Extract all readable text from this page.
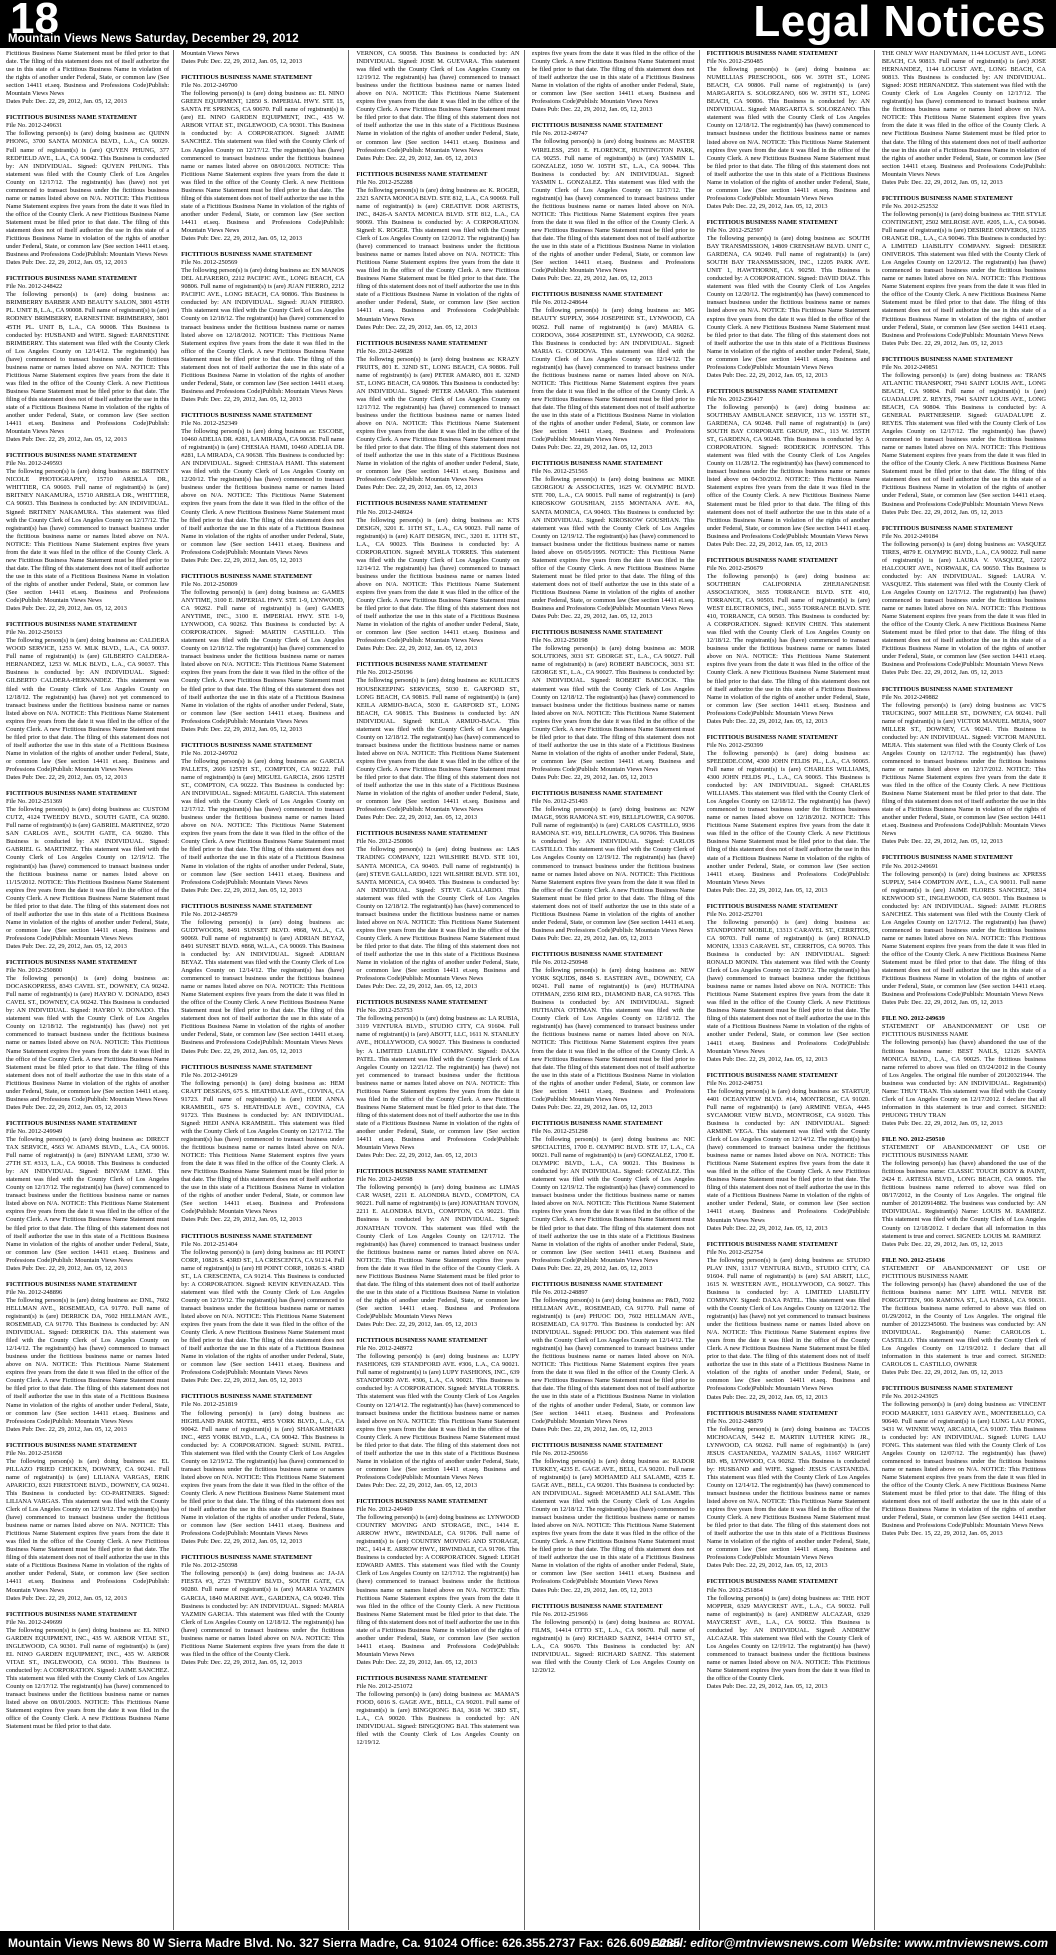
18
Mountain Views News Saturday, December 29, 2012	Legal Notices
Fictitious Business Name Statement must be filed prior to that date. The filing of this statement does not of itself authorize the use in this state of a Fictitious Business Name in violation of the rights of another under Federal, State, or common law (See section 14411 et.seq. Business and Professions Code)Publish: Mountain Views News
Dates Pub: Dec. 22, 29, 2012, Jan. 05, 12, 2013
FICTITIOUS BUSINESS NAME STATEMENT
File No. 2012-249631
The following person(s) is (are) doing business as: QUINN PHONG, 3700 SANTA MONICA BLVD., L.A., CA 90029. Full name of registrant(s) is (are) QUYEN PHUNG, 377 REDFIELD AVE., L.A., CA 90042. This Business is conducted by: AN INDIVIDUAL. Signed: QUYEN PHUNG. This statement was filed with the County Clerk of Los Angeles County on 12/17/12. The registrant(s) has (have) not yet commenced to transact business under the fictitious business name or names listed above on N/A. NOTICE: This Fictitious Name Statement expires five years from the date it was filed in the office of the County Clerk. A new Fictitious Business Name Statement must be filed prior to that date. The filing of this statement does not of itself authorize the use in this state of a Fictitious Business Name in violation of the rights of another under Federal, State, or common law (See section 14411 et.seq. Business and Professions Code)Publish: Mountain Views News
Dates Pub: Dec. 22, 29, 2012, Jan. 05, 12, 2013
FICTITIOUS BUSINESS NAME STATEMENT
File No. 2012-248422
The following person(s) is (are) doing business as: BRIMBERRY BARBER AND BEAUTY SALON, 3801 45TH PL. UNIT B, L.A., CA 90008. Full name of registrant(s) is (are) RODNEY BRIMBERRY, EARNESTINE BRIMBERRY, 3801 45TH PL. UNIT B, L.A., CA 90008. This Business is conducted by: HUSBAND and WIFE. Signed: EARNESTINE BRIMBERRY. This statement was filed with the County Clerk of Los Angeles County on 12/14/12. The registrant(s) has (have) commenced to transact business under the fictitious business name or names listed above on N/A. NOTICE: This Fictitious Name Statement expires five years from the date it was filed in the office of the County Clerk. A new Fictitious Business Name Statement must be filed prior to that date. The filing of this statement does not of itself authorize the use in this state of a Fictitious Business Name in violation of the rights of another under Federal, State, or common law (See section 14411 et.seq. Business and Professions Code)Publish: Mountain Views News
Dates Pub: Dec. 22, 29, 2012, Jan. 05, 12, 2013
FICTITIOUS BUSINESS NAME STATEMENT
File No. 2012-249593
The following person(s) is (are) doing business as: BRITNEY NICOLE PHOTOGRAPHY, 15710 ARBELA DR., WHITTIER, CA 90603. Full name of registrant(s) is (are) BRITNEY NAKAMURA, 15710 ARBELA DR., WHITTIER, CA 90603. This Business is conducted by: AN INDIVIDUAL. Signed: BRITNEY NAKAMURA. This statement was filed with the County Clerk of Los Angeles County on 12/17/12. The registrant(s) has (have) commenced to transact business under the fictitious business name or names listed above on N/A. NOTICE: This Fictitious Name Statement expires five years from the date it was filed in the office of the County Clerk. A new Fictitious Business Name Statement must be filed prior to that date. The filing of this statement does not of itself authorize the use in this state of a Fictitious Business Name in violation of the rights of another under Federal, State, or common law (See section 14411 et.seq. Business and Professions Code)Publish: Mountain Views News
Dates Pub: Dec. 22, 29, 2012, Jan. 05, 12, 2013
FICTITIOUS BUSINESS NAME STATEMENT
File No. 2012-250153
The following person(s) is (are) doing business as: CALDERA WOOD SERVICE, 1253 W. MLK BLVD., L.A., CA 90037. Full name of registrant(s) is (are) GILBERTO CALDERA-HERNANDEZ, 1253 W. MLK BLVD., L.A., CA 90037. This Business is conducted by: AN INDIVIDUAL. Signed: GILBERTO CALDERA-HERNANDEZ. This statement was filed with the County Clerk of Los Angeles County on 12/18/12. The registrant(s) has (have) not yet commenced to transact business under the fictitious business name or names listed above on N/A. NOTICE: This Fictitious Name Statement expires five years from the date it was filed in the office of the County Clerk. A new Fictitious Business Name Statement must be filed prior to that date. The filing of this statement does not of itself authorize the use in this state of a Fictitious Business Name in violation of the rights of another under Federal, State, or common law (See section 14411 et.seq. Business and Professions Code)Publish: Mountain Views News
Dates Pub: Dec. 22, 29, 2012, Jan. 05, 12, 2013
FICTITIOUS BUSINESS NAME STATEMENT
File No. 2012-251369
The following person(s) is (are) doing business as: CUSTOM CUTZ, 4124 TWEEDY BLVD., SOUTH GATE, CA 90280. Full name of registrant(s) is (are) GABRIEL MARTINEZ, 9720 SAN CARLOS AVE., SOUTH GATE, CA 90280. This Business is conducted by: AN INDIVIDUAL. Signed: GABRIEL G. MARTINEZ. This statement was filed with the County Clerk of Los Angeles County on 12/19/12. The registrant(s) has (have) commenced to transact business under the fictitious business name or names listed above on 11/15/2012. NOTICE: This Fictitious Business Name Statement expires five years from the date it was filed in the office of the County Clerk. A new Fictitious Business Name Statement must be filed prior to that date. The filing of this statement does not of itself authorize the use in this state of a Fictitious Business Name in violation of the rights of another under Federal, State, or common law (See section 14411 et.seq. Business and Professions Code)Publish: Mountain Views News
Dates Pub: Dec. 22, 29, 2012, Jan. 05, 12, 2013
FICTITIOUS BUSINESS NAME STATEMENT
File No. 2012-250800
The following person(s) is (are) doing business as: DOCASKOPRESS, 8343 CAVEL ST., DOWNEY, CA 90242. Full name of registrant(s) is (are) HAYRO V. DONADO, 8343 CAVEL ST., DOWNEY, CA 90242. This Business is conducted by: AN INDIVIDUAL. Signed: HAYRO V. DONADO. This statement was filed with the County Clerk of Los Angeles County on 12/18/12. The registrant(s) has (have) not yet commenced to transact business under the fictitious business name or names listed above on N/A. NOTICE: This Fictitious Name Statement expires five years from the date it was filed in the office of the County Clerk. A new Fictitious Business Name Statement must be filed prior to that date. The filing of this statement does not of itself authorize the use in this state of a Fictitious Business Name in violation of the rights of another under Federal, State, or common law (See section 14411 et.seq. Business and Professions Code)Publish: Mountain Views News
Dates Pub: Dec. 22, 29, 2012, Jan. 05, 12, 2013
FICTITIOUS BUSINESS NAME STATEMENT
File No. 2012-249949
The following person(s) is (are) doing business as: DIRECT TAX SERVICE, 4563 W. ADAMS BLVD., L.A., CA 90016. Full name of registrant(s) is (are) BINYAM LEMI, 3730 W. 27TH ST. #313, L.A., CA 90018. This Business is conducted by: AN INDIVIDUAL. Signed: BINYAM LEMI. This statement was filed with the County Clerk of Los Angeles County on 12/17/12. The registrant(s) has (have) commenced to transact business under the fictitious business name or names listed above on N/A. NOTICE: This Fictitious Name Statement expires five years from the date it was filed in the office of the County Clerk. A new Fictitious Business Name Statement must be filed prior to that date. The filing of this statement does not of itself authorize the use in this state of a Fictitious Business Name in violation of the rights of another under Federal, State, or common law (See section 14411 et.seq. Business and Professions Code)Publish: Mountain Views News
Dates Pub: Dec. 22, 29, 2012, Jan. 05, 12, 2013
FICTITIOUS BUSINESS NAME STATEMENT
File No. 2012-248896
The following person(s) is (are) doing business as: DNL, 7602 HELLMAN AVE., ROSEMEAD, CA 91770. Full name of registrant(s) is (are) DERRICK DA, 7602 HELLMAN AVE., ROSEMEAD, CA 91770. This Business is conducted by: AN INDIVIDUAL. Signed: DERRICK DA. This statement was filed with the County Clerk of Los Angeles County on 12/14/12. The registrant(s) has (have) commenced to transact business under the fictitious business name or names listed above on N/A. NOTICE: This Fictitious Name Statement expires five years from the date it was filed in the office of the County Clerk. A new Fictitious Business Name Statement must be filed prior to that date. The filing of this statement does not of itself authorize the use in this state of a Fictitious Business Name in violation of the rights of another under Federal, State, or common law (See section 14411 et.seq. Business and Professions Code)Publish: Mountain Views News
Dates Pub: Dec. 22, 29, 2012, Jan. 05, 12, 2013
FICTITIOUS BUSINESS NAME STATEMENT
File No. 2012-251658
The following person(s) is (are) doing business as: EL PILLAZO FRIED CHICKEN, DOWNEY, CA 90241. Full name of registrant(s) is (are) LILIANA VARGAS, ERIK APARICIO, 8321 FIRESTONE BLVD., DOWNEY, CA 90241. This Business is conducted by: CO-PARTNERS. Signed: LILIANA VARGAS. This statement was filed with the County Clerk of Los Angeles County on 12/19/12. The registrant(s) has (have) commenced to transact business under the fictitious business name or names listed above on N/A. NOTICE: This Fictitious Name Statement expires five years from the date it was filed in the office of the County Clerk. A new Fictitious Business Name Statement must be filed prior to that date. The filing of this statement does not of itself authorize the use in this state of a Fictitious Business Name in violation of the rights of another under Federal, State, or common law (See section 14411 et.seq. Business and Professions Code)Publish: Mountain Views News
Dates Pub: Dec. 22, 29, 2012, Jan. 05, 12, 2013
FICTITIOUS BUSINESS NAME STATEMENT
File No. 2012-249699
The following person(s) is (are) doing business as: EL NINO GARDEN EQUIPMENT, INC., 435 W. ARBOR VITAE ST., INGLEWOOD, CA 90301. Full name of registrant(s) is (are) EL NINO GARDEN EQUIPMENT, INC., 435 W. ARBOR VITAE ST., INGLEWOOD, CA 90301. This Business is conducted by: A CORPORATION. Signed: JAIME SANCHEZ. This statement was filed with the County Clerk of Los Angeles County on 12/17/12. The registrant(s) has (have) commenced to transact business under the fictitious business name or names listed above on 08/01/2003. NOTICE: This Fictitious Name Statement expires five years from the date it was filed in the office of the County Clerk. A new Fictitious Business Name Statement must be filed prior to that date.
Mountain Views News
Dates Pub: Dec. 22, 29, 2012, Jan. 05, 12, 2013
FICTITIOUS BUSINESS NAME STATEMENT
File No. 2012-249700
The following person(s) is (are) doing business as: EL NINO GREEN EQUIPMENT, 12850 S. IMPERIAL HWY. STE 15, SANTA FE SPRINGS, CA 90670. Full name of registrant(s) is (are) EL NINO GARDEN EQUIPMENT, INC., 435 W. ARBOR VITAE ST., INGLEWOOD, CA 90301. This Business is conducted by: A CORPORATION. Signed: JAIME SANCHEZ. This statement was filed with the County Clerk of Los Angeles County on 12/17/12. The registrant(s) has (have) commenced to transact business under the fictitious business name or names listed above on 08/01/2003. NOTICE: This Fictitious Name Statement expires five years from the date it was filed in the office of the County Clerk. A new Fictitious Business Name Statement must be filed prior to that date. The filing of this statement does not of itself authorize the use in this state of a Fictitious Business Name in violation of the rights of another under Federal, State, or common law (See section 14411 et.seq. Business and Professions Code)Publish: Mountain Views News
Dates Pub: Dec. 22, 29, 2012, Jan. 05, 12, 2013
FICTITIOUS BUSINESS NAME STATEMENT
File No. 2012-250569
The following person(s) is (are) doing business as: EN MANOS DEL ALFARERO, 2212 PACIFIC AVE., LONG BEACH, CA 90806. Full name of registrant(s) is (are) JUAN FIERRO, 2212 PACIFIC AVE., LONG BEACH, CA 90806. This Business is conducted by: AN INDIVIDUAL. Signed: JUAN FIERRO. This statement was filed with the County Clerk of Los Angeles County on 12/18/12. The registrant(s) has (have) commenced to transact business under the fictitious business name or names listed above on 12/18/2012. NOTICE: This Fictitious Name Statement expires five years from the date it was filed in the office of the County Clerk. A new Fictitious Business Name Statement must be filed prior to that date. The filing of this statement does not of itself authorize the use in this state of a Fictitious Business Name in violation of the rights of another under Federal, State, or common law (See section 14411 et.seq. Business and Professions Code)Publish: Mountain Views News
Dates Pub: Dec. 22, 29, 2012, Jan. 05, 12, 2013
FICTITIOUS BUSINESS NAME STATEMENT
File No. 2012-252349
The following person(s) is (are) doing business as: ESCOBE, 10460 ADELIA DR. #281, LA MIRADA, CA 90638. Full name of registrant(s) is (are) CHESIAA HAMI, 10460 ADELIA DR. #281, LA MIRADA, CA 90638. This Business is conducted by: AN INDIVIDUAL. Signed: CHESIAA HAMI. This statement was filed with the County Clerk of Los Angeles County on 12/20/12. The registrant(s) has (have) commenced to transact business under the fictitious business name or names listed above on N/A. NOTICE: This Fictitious Name Statement expires five years from the date it was filed in the office of the County Clerk. A new Fictitious Business Name Statement must be filed prior to that date. The filing of this statement does not of itself authorize the use in this state of a Fictitious Business Name in violation of the rights of another under Federal, State, or common law (See section 14411 et.seq. Business and Professions Code)Publish: Mountain Views News
Dates Pub: Dec. 22, 29, 2012, Jan. 05, 12, 2013
FICTITIOUS BUSINESS NAME STATEMENT
File No. 2012-250809
The following person(s) is (are) doing business as: GAMES ANYTIME, 3100 E. IMPERIAL HWY. STE 1-9, LYNWOOD, CA 90262. Full name of registrant(s) is (are) GAMES ANYTIME, INC., 3100 E. IMPERIAL HWY. STE 1-9, LYNWOOD, CA 90262. This Business is conducted by: A CORPORATION. Signed: MARTIN CASTILLO. This statement was filed with the County Clerk of Los Angeles County on 12/18/12. The registrant(s) has (have) commenced to transact business under the fictitious business name or names listed above on N/A. NOTICE: This Fictitious Name Statement expires five years from the date it was filed in the office of the County Clerk. A new Fictitious Business Name Statement must be filed prior to that date. The filing of this statement does not of itself authorize the use in this state of a Fictitious Business Name in violation of the rights of another under Federal, State, or common law (See section 14411 et.seq. Business and Professions Code)Publish: Mountain Views News
Dates Pub: Dec. 22, 29, 2012, Jan. 05, 12, 2013
FICTITIOUS BUSINESS NAME STATEMENT
File No. 2012-249702
The following person(s) is (are) doing business as: GARCIA PALLETS, 2606 125TH ST., COMPTON, CA 90222. Full name of registrant(s) is (are) MIGUEL GARCIA, 2606 125TH ST., COMPTON, CA 90222. This Business is conducted by: AN INDIVIDUAL. Signed: MIGUEL GARCIA. This statement was filed with the County Clerk of Los Angeles County on 12/17/12. The registrant(s) has (have) commenced to transact business under the fictitious business name or names listed above on N/A. NOTICE: This Fictitious Name Statement expires five years from the date it was filed in the office of the County Clerk. A new Fictitious Business Name Statement must be filed prior to that date. The filing of this statement does not of itself authorize the use in this state of a Fictitious Business Name in violation of the rights of another under Federal, State, or common law (See section 14411 et.seq. Business and Professions Code)Publish: Mountain Views News
Dates Pub: Dec. 22, 29, 2012, Jan. 05, 12, 2013
FICTITIOUS BUSINESS NAME STATEMENT
File No. 2012-248579
The following person(s) is (are) doing business as: GUDTWOODS, 8491 SUNSET BLVD. #868, W.L.A., CA 90069. Full name of registrant(s) is (are) ADRIAN BEYAZ, 8491 SUNSET BLVD. #868, W.L.A., CA 90069. This Business is conducted by: AN INDIVIDUAL. Signed: ADRIAN BEYAZ. This statement was filed with the County Clerk of Los Angeles County on 12/14/12. The registrant(s) has (have) commenced to transact business under the fictitious business name or names listed above on N/A. NOTICE: This Fictitious Name Statement expires five years from the date it was filed in the office of the County Clerk. A new Fictitious Business Name Statement must be filed prior to that date. The filing of this statement does not of itself authorize the use in this state of a Fictitious Business Name in violation of the rights of another under Federal, State, or common law (See section 14411 et.seq. Business and Professions Code)Publish: Mountain Views News
Dates Pub: Dec. 22, 29, 2012, Jan. 05, 12, 2013
FICTITIOUS BUSINESS NAME STATEMENT
File No. 2012-249129
The following person(s) is (are) doing business as: HEM CRAFT DESIGNS, 675 S. HEATHDALE AVE., COVINA, CA 91723. Full name of registrant(s) is (are) HEDI ANNA KRAMBEIL, 675 S. HEATHDALE AVE., COVINA, CA 91723. This Business is conducted by: AN INDIVIDUAL. Signed: HEDI ANNA KRAMBEIL. This statement was filed with the County Clerk of Los Angeles County on 12/17/12. The registrant(s) has (have) commenced to transact business under the fictitious business name or names listed above on N/A. NOTICE: This Fictitious Name Statement expires five years from the date it was filed in the office of the County Clerk. A new Fictitious Business Name Statement must be filed prior to that date. The filing of this statement does not of itself authorize the use in this state of a Fictitious Business Name in violation of the rights of another under Federal, State, or common law (See section 14411 et.seq. Business and Professions Code)Publish: Mountain Views News
Dates Pub: Dec. 22, 29, 2012, Jan. 05, 12, 2013
FICTITIOUS BUSINESS NAME STATEMENT
File No. 2012-251404
The following person(s) is (are) doing business as: HI POINT CORP., 10826 S. 43RD ST., LA CRESCENTA, CA 91214. Full name of registrant(s) is (are) HI POINT CORP., 10826 S. 43RD ST., LA CRESCENTA, CA 91214. This Business is conducted by: A CORPORATION. Signed: KEVIN KEVENAZAD. This statement was filed with the County Clerk of Los Angeles County on 12/19/12. The registrant(s) has (have) commenced to transact business under the fictitious business name or names listed above on N/A. NOTICE: This Fictitious Name Statement expires five years from the date it was filed in the office of the County Clerk. A new Fictitious Business Name Statement must be filed prior to that date. The filing of this statement does not of itself authorize the use in this state of a Fictitious Business Name in violation of the rights of another under Federal, State, or common law (See section 14411 et.seq. Business and Professions Code)Publish: Mountain Views News
Dates Pub: Dec. 22, 29, 2012, Jan. 05, 12, 2013
FICTITIOUS BUSINESS NAME STATEMENT
File No. 2012-251819
The following person(s) is (are) doing business as: HIGHLAND PARK MOTEL, 4855 YORK BLVD., L.A., CA 90042. Full name of registrant(s) is (are) SHAKAMBHARI INC., 4855 YORK BLVD., L.A., CA 90042. This Business is conducted by: A CORPORATION. Signed: SUNIL PATEL. This statement was filed with the County Clerk of Los Angeles County on 12/19/12. The registrant(s) has (have) commenced to transact business under the fictitious business name or names listed above on N/A. NOTICE: This Fictitious Name Statement expires five years from the date it was filed in the office of the County Clerk. A new Fictitious Business Name Statement must be filed prior to that date. The filing of this statement does not of itself authorize the use in this state of a Fictitious Business Name in violation of the rights of another under Federal, State, or common law (See section 14411 et.seq. Business and Professions Code)Publish: Mountain Views News
Dates Pub: Dec. 22, 29, 2012, Jan. 05, 12, 2013
FICTITIOUS BUSINESS NAME STATEMENT
File No. 2012-250398
The following person(s) is (are) doing business as: JA-JA FIESTA #3, 2723 TWEEDY BLVD., SOUTH GATE, CA 90280. Full name of registrant(s) is (are) MARIA YAZMIN GARCIA, 1840 MARINE AVE., GARDENA, CA 90249. This Business is conducted by: AN INDIVIDUAL. Signed: MARIA YAZMIN GARCIA. This statement was filed with the County Clerk of Los Angeles County on 12/18/12. The registrant(s) has (have) commenced to transact business under the fictitious business name or names listed above on N/A. NOTICE: This Fictitious Name Statement expires five years from the date it was filed in the office of the County Clerk.
Dates Pub: Dec. 22, 29, 2012, Jan. 05, 12, 2013
VERNON, CA 90058. This Business is conducted by: AN INDIVIDUAL. Signed: JOSE M. GUEVARA. This statement was filed with the County Clerk of Los Angeles County on 12/19/12. The registrant(s) has (have) commenced to transact business under the fictitious business name or names listed above on N/A. NOTICE: This Fictitious Name Statement expires five years from the date it was filed in the office of the County Clerk. A new Fictitious Business Name Statement must be filed prior to that date. The filing of this statement does not of itself authorize the use in this state of a Fictitious Business Name in violation of the rights of another under Federal, State, or common law (See section 14411 et.seq. Business and Professions Code)Publish: Mountain Views News
Dates Pub: Dec. 22, 29, 2012, Jan. 05, 12, 2013
FICTITIOUS BUSINESS NAME STATEMENT
File No. 2012-252288
The following person(s) is (are) doing business as: K. ROGER, 2321 SANTA MONICA BLVD. STE 812, L.A., CA 90069. Full name of registrant(s) is (are) CREATIVE DOR ARTISTS, INC., 8426-A SANTA MONICA BLVD. STE 812, L.A., CA 90069. This Business is conducted by: A CORPORATION. Signed: K. ROGER. This statement was filed with the County Clerk of Los Angeles County on 12/20/12. The registrant(s) has (have) commenced to transact business under the fictitious business name or names listed above on N/A. NOTICE: This Fictitious Name Statement expires five years from the date it was filed in the office of the County Clerk. A new Fictitious Business Name Statement must be filed prior to that date. The filing of this statement does not of itself authorize the use in this state of a Fictitious Business Name in violation of the rights of another under Federal, State, or common law (See section 14411 et.seq. Business and Professions Code)Publish: Mountain Views News
Dates Pub: Dec. 22, 29, 2012, Jan. 05, 12, 2013
FICTITIOUS BUSINESS NAME STATEMENT
File No. 2012-249828
The following person(s) is (are) doing business as: KRAZY FRUITS, 801 E. 32ND ST., LONG BEACH, CA 90806. Full name of registrant(s) is (are) PETER AMARO, 801 E. 32ND ST., LONG BEACH, CA 90806. This Business is conducted by: AN INDIVIDUAL. Signed: PETER AMARO. This statement was filed with the County Clerk of Los Angeles County on 12/17/12. The registrant(s) has (have) commenced to transact business under the fictitious business name or names listed above on N/A. NOTICE: This Fictitious Name Statement expires five years from the date it was filed in the office of the County Clerk. A new Fictitious Business Name Statement must be filed prior to that date. The filing of this statement does not of itself authorize the use in this state of a Fictitious Business Name in violation of the rights of another under Federal, State, or common law (See section 14411 et.seq. Business and Professions Code)Publish: Mountain Views News
Dates Pub: Dec. 22, 29, 2012, Jan. 05, 12, 2013
FICTITIOUS BUSINESS NAME STATEMENT
File No. 2012-248924
The following person(s) is (are) doing business as: KTS DESIGN, 3201 E. 11TH ST., L.A., CA 90023. Full name of registrant(s) is (are) KAIT DESIGN, INC., 3201 E. 11TH ST., L.A., CA 90023. This Business is conducted by: A CORPORATION. Signed: MYRLA TORRES. This statement was filed with the County Clerk of Los Angeles County on 12/14/12. The registrant(s) has (have) commenced to transact business under the fictitious business name or names listed above on N/A. NOTICE: This Fictitious Name Statement expires five years from the date it was filed in the office of the County Clerk. A new Fictitious Business Name Statement must be filed prior to that date. The filing of this statement does not of itself authorize the use in this state of a Fictitious Business Name in violation of the rights of another under Federal, State, or common law (See section 14411 et.seq. Business and Professions Code)Publish: Mountain Views News
Dates Pub: Dec. 22, 29, 2012, Jan. 05, 12, 2013
FICTITIOUS BUSINESS NAME STATEMENT
File No. 2012-250196
The following person(s) is (are) doing business as: KUILICE'S HOUSEKEEPING SERVICES, 5030 E. GARFORD ST., LONG BEACH, CA 90815. Full name of registrant(s) is (are) KEILA ARMIJO-BACA, 5030 E. GARFORD ST., LONG BEACH, CA 90815. This Business is conducted by: AN INDIVIDUAL. Signed: KEILA ARMIJO-BACA. This statement was filed with the County Clerk of Los Angeles County on 12/18/12. The registrant(s) has (have) commenced to transact business under the fictitious business name or names listed above on N/A. NOTICE: This Fictitious Name Statement expires five years from the date it was filed in the office of the County Clerk. A new Fictitious Business Name Statement must be filed prior to that date. The filing of this statement does not of itself authorize the use in this state of a Fictitious Business Name in violation of the rights of another under Federal, State, or common law (See section 14411 et.seq. Business and Professions Code)Publish: Mountain Views News
Dates Pub: Dec. 22, 29, 2012, Jan. 05, 12, 2013
FICTITIOUS BUSINESS NAME STATEMENT
File No. 2012-250806
The following person(s) is (are) doing business as: L&S TRADING COMPANY, 1221 WILSHIRE BLVD. STE 101, SANTA MONICA, CA 90403. Full name of registrant(s) is (are) STEVE GALLARDO, 1221 WILSHIRE BLVD. STE 101, SANTA MONICA, CA 90403. This Business is conducted by: AN INDIVIDUAL. Signed: STEVE GALLARDO. This statement was filed with the County Clerk of Los Angeles County on 12/18/12. The registrant(s) has (have) commenced to transact business under the fictitious business name or names listed above on N/A. NOTICE: This Fictitious Name Statement expires five years from the date it was filed in the office of the County Clerk. A new Fictitious Business Name Statement must be filed prior to that date. The filing of this statement does not of itself authorize the use in this state of a Fictitious Business Name in violation of the rights of another under Federal, State, or common law (See section 14411 et.seq. Business and Professions Code)Publish: Mountain Views News
Dates Pub: Dec. 22, 29, 2012, Jan. 05, 12, 2013
FICTITIOUS BUSINESS NAME STATEMENT
File No. 2012-253753
The following person(s) is (are) doing business as: LA RUBIA, 3119 VENTURA BLVD., STUDIO CITY, CA 91604. Full name of registrant(s) is (are) ABOTT, LLC, 1611 N. STANLEY AVE., HOLLYWOOD, CA 90027. This Business is conducted by: A LIMITED LIABILITY COMPANY. Signed: DAXA PATEL. This statement was filed with the County Clerk of Los Angeles County on 12/21/12. The registrant(s) has (have) not yet commenced to transact business under the fictitious business name or names listed above on N/A. NOTICE: This Fictitious Name Statement expires five years from the date it was filed in the office of the County Clerk. A new Fictitious Business Name Statement must be filed prior to that date. The filing of this statement does not of itself authorize the use in this state of a Fictitious Business Name in violation of the rights of another under Federal, State, or common law (See section 14411 et.seq. Business and Professions Code)Publish: Mountain Views News
Dates Pub: Dec. 22, 29, 2012, Jan. 05, 12, 2013
FICTITIOUS BUSINESS NAME STATEMENT
File No. 2012-249598
The following person(s) is (are) doing business as: LIMAS CAR WASH, 2211 E. ALONDRA BLVD., COMPTON, CA 90221. Full name of registrant(s) is (are) JONATHAN TOVON, 2211 E. ALONDRA BLVD., COMPTON, CA 90221. This Business is conducted by: AN INDIVIDUAL. Signed: JONATHAN TOVON. This statement was filed with the County Clerk of Los Angeles County on 12/17/12. The registrant(s) has (have) commenced to transact business under the fictitious business name or names listed above on N/A. NOTICE: This Fictitious Name Statement expires five years from the date it was filed in the office of the County Clerk. A new Fictitious Business Name Statement must be filed prior to that date. The filing of this statement does not of itself authorize the use in this state of a Fictitious Business Name in violation of the rights of another under Federal, State, or common law (See section 14411 et.seq. Business and Professions Code)Publish: Mountain Views News
Dates Pub: Dec. 22, 29, 2012, Jan. 05, 12, 2013
FICTITIOUS BUSINESS NAME STATEMENT
File No. 2012-248972
The following person(s) is (are) doing business as: LUPY FASHIONS, 639 STANDFORD AVE. #306, L.A., CA 90021. Full name of registrant(s) is (are) LUPY FASHIONS, INC., 639 STANDFORD AVE. #306, L.A., CA 90021. This Business is conducted by: A CORPORATION. Signed: MYRLA TORRES. This statement was filed with the County Clerk of Los Angeles County on 12/14/12. The registrant(s) has (have) commenced to transact business under the fictitious business name or names listed above on N/A. NOTICE: This Fictitious Name Statement expires five years from the date it was filed in the office of the County Clerk. A new Fictitious Business Name Statement must be filed prior to that date. The filing of this statement does not of itself authorize the use in this state of a Fictitious Business Name in violation of the rights of another under Federal, State, or common law (See section 14411 et.seq. Business and Professions Code)Publish: Mountain Views News
Dates Pub: Dec. 22, 29, 2012, Jan. 05, 12, 2013
FICTITIOUS BUSINESS NAME STATEMENT
File No. 2012-249469
The following person(s) is (are) doing business as: LYNWOOD COUNTRY MOVING AND STORAGE, INC., 1414 E. ARROW HWY., IRWINDALE, CA 91706. Full name of registrant(s) is (are) COUNTRY MOVING AND STORAGE, INC., 1414 E. ARROW HWY., IRWINDALE, CA 91706. This Business is conducted by: A CORPORATION. Signed: LEIGH EDWARD AMES. This statement was filed with the County Clerk of Los Angeles County on 12/17/12. The registrant(s) has (have) commenced to transact business under the fictitious business name or names listed above on N/A. NOTICE: This Fictitious Name Statement expires five years from the date it was filed in the office of the County Clerk. A new Fictitious Business Name Statement must be filed prior to that date. The filing of this statement does not of itself authorize the use in this state of a Fictitious Business Name in violation of the rights of another under Federal, State, or common law (See section 14411 et.seq. Business and Professions Code)Publish: Mountain Views News
Dates Pub: Dec. 22, 29, 2012, Jan. 05, 12, 2013
FICTITIOUS BUSINESS NAME STATEMENT
File No. 2012-251072
The following person(s) is (are) doing business as: MAMA'S FOOD, 6016 S. GAGE AVE., BELL, CA 90201. Full name of registrant(s) is (are) BINGQIONG BAI, 3618 W. 3RD ST., L.A., CA 90020. This Business is conducted by: AN INDIVIDUAL. Signed: BINGQIONG BAI. This statement was filed with the County Clerk of Los Angeles County on 12/19/12.
expires five years from the date it was filed in the office of the County Clerk. A new Fictitious Business Name Statement must be filed prior to that date. The filing of this statement does not of itself authorize the use in this state of a Fictitious Business Name in violation of the rights of another under Federal, State, or common law (See section 14411 et.seq. Business and Professions Code)Publish: Mountain Views News
Dates Pub: Dec. 22, 29, 2012, Jan. 05, 12, 2013
FICTITIOUS BUSINESS NAME STATEMENT
File No. 2012-249747
The following person(s) is (are) doing business as: MASTER WIRELESS, 2501 E. FLORENCE, HUNTINGTON PARK, CA 90255. Full name of registrant(s) is (are) YASMIN L. GONZALEZ, 1050 W. 105TH ST., L.A., CA 90044. This Business is conducted by: AN INDIVIDUAL. Signed: YASMIN L. GONZALEZ. This statement was filed with the County Clerk of Los Angeles County on 12/17/12. The registrant(s) has (have) commenced to transact business under the fictitious business name or names listed above on N/A. NOTICE: This Fictitious Name Statement expires five years from the date it was filed in the office of the County Clerk. A new Fictitious Business Name Statement must be filed prior to that date. The filing of this statement does not of itself authorize the use in this state of a Fictitious Business Name in violation of the rights of another under Federal, State, or common law (See section 14411 et.seq. Business and Professions Code)Publish: Mountain Views News
Dates Pub: Dec. 22, 29, 2012, Jan. 05, 12, 2013
FICTITIOUS BUSINESS NAME STATEMENT
File No. 2012-248644
The following person(s) is (are) doing business as: MG BEAUTY SUPPLY, 3664 JOSEPHINE ST., LYNWOOD, CA 90262. Full name of registrant(s) is (are) MARIA G. CORDOVA, 3664 JOSEPHINE ST., LYNWOOD, CA 90262. This Business is conducted by: AN INDIVIDUAL. Signed: MARIA G. CORDOVA. This statement was filed with the County Clerk of Los Angeles County on 12/14/12. The registrant(s) has (have) commenced to transact business under the fictitious business name or names listed above on N/A. NOTICE: This Fictitious Name Statement expires five years from the date it was filed in the office of the County Clerk. A new Fictitious Business Name Statement must be filed prior to that date. The filing of this statement does not of itself authorize the use in this state of a Fictitious Business Name in violation of the rights of another under Federal, State, or common law (See section 14411 et.seq. Business and Professions Code)Publish: Mountain Views News
Dates Pub: Dec. 22, 29, 2012, Jan. 05, 12, 2013
FICTITIOUS BUSINESS NAME STATEMENT
File No. 2012-251565
The following person(s) is (are) doing business as: MIKE GEORGIOU & ASSOCIATES, 1625 W. OLYMPIC BLVD. STE 700, L.A., CA 90015. Full name of registrant(s) is (are) KIROSKOW GOUSHIAN, 2155 MONTANA AVE. #A, SANTA MONICA, CA 90403. This Business is conducted by: AN INDIVIDUAL. Signed: KIROSKOW GOUSHIAN. This statement was filed with the County Clerk of Los Angeles County on 12/19/12. The registrant(s) has (have) commenced to transact business under the fictitious business name or names listed above on 05/05/1995. NOTICE: This Fictitious Name Statement expires five years from the date it was filed in the office of the County Clerk. A new Fictitious Business Name Statement must be filed prior to that date. The filing of this statement does not of itself authorize the use in this state of a Fictitious Business Name in violation of the rights of another under Federal, State, or common law (See section 14411 et.seq. Business and Professions Code)Publish: Mountain Views News
Dates Pub: Dec. 22, 29, 2012, Jan. 05, 12, 2013
FICTITIOUS BUSINESS NAME STATEMENT
File No. 2012-250198
The following person(s) is (are) doing business as: MOR SOLUTIONS, 3031 ST. GEORGE ST., L.A., CA 90027. Full name of registrant(s) is (are) ROBERT BABCOCK, 3031 ST. GEORGE ST., L.A., CA 90027. This Business is conducted by: AN INDIVIDUAL. Signed: ROBERT BABCOCK. This statement was filed with the County Clerk of Los Angeles County on 12/18/12. The registrant(s) has (have) commenced to transact business under the fictitious business name or names listed above on N/A. NOTICE: This Fictitious Name Statement expires five years from the date it was filed in the office of the County Clerk. A new Fictitious Business Name Statement must be filed prior to that date. The filing of this statement does not of itself authorize the use in this state of a Fictitious Business Name in violation of the rights of another under Federal, State, or common law (See section 14411 et.seq. Business and Professions Code)Publish: Mountain Views News
Dates Pub: Dec. 22, 29, 2012, Jan. 05, 12, 2013
FICTITIOUS BUSINESS NAME STATEMENT
File No. 2012-251403
The following person(s) is (are) doing business as: N2W IMAGE, 9936 RAMONA ST. #19, BELLFLOWER, CA 90706. Full name of registrant(s) is (are) CARLOS CASTILLO, 9936 RAMONA ST. #19, BELLFLOWER, CA 90706. This Business is conducted by: AN INDIVIDUAL. Signed: CARLOS CASTILLO. This statement was filed with the County Clerk of Los Angeles County on 12/19/12. The registrant(s) has (have) commenced to transact business under the fictitious business name or names listed above on N/A. NOTICE: This Fictitious Name Statement expires five years from the date it was filed in the office of the County Clerk. A new Fictitious Business Name Statement must be filed prior to that date. The filing of this statement does not of itself authorize the use in this state of a Fictitious Business Name in violation of the rights of another under Federal, State, or common law (See section 14411 et.seq. Business and Professions Code)Publish: Mountain Views News
Dates Pub: Dec. 22, 29, 2012, Jan. 05, 12, 2013
FICTITIOUS BUSINESS NAME STATEMENT
File No. 2012-250948
The following person(s) is (are) doing business as: NEW YORK SQUIDS, 8848 S. EASTERN AVE., DOWNEY, CA 90241. Full name of registrant(s) is (are) HUTHAINA OTHMAN, 2356 RIM RD., DIAMOND BAR, CA 91765. This Business is conducted by: AN INDIVIDUAL. Signed: HUTHAINA OTHMAN. This statement was filed with the County Clerk of Los Angeles County on 12/18/12. The registrant(s) has (have) commenced to transact business under the fictitious business name or names listed above on N/A. NOTICE: This Fictitious Name Statement expires five years from the date it was filed in the office of the County Clerk. A new Fictitious Business Name Statement must be filed prior to that date. The filing of this statement does not of itself authorize the use in this state of a Fictitious Business Name in violation of the rights of another under Federal, State, or common law (See section 14411 et.seq. Business and Professions Code)Publish: Mountain Views News
Dates Pub: Dec. 22, 29, 2012, Jan. 05, 12, 2013
FICTITIOUS BUSINESS NAME STATEMENT
File No. 2012-251298
The following person(s) is (are) doing business as: NIC SPECIALTIES, 1700 E. OLYMPIC BLVD. STE 17, L.A., CA 90021. Full name of registrant(s) is (are) GONZALEZ, 1700 E. OLYMPIC BLVD., L.A., CA 90021. This Business is conducted by: AN INDIVIDUAL. Signed: GONZALEZ. This statement was filed with the County Clerk of Los Angeles County on 12/19/12. The registrant(s) has (have) commenced to transact business under the fictitious business name or names listed above on N/A. NOTICE: This Fictitious Name Statement expires five years from the date it was filed in the office of the County Clerk. A new Fictitious Business Name Statement must be filed prior to that date. The filing of this statement does not of itself authorize the use in this state of a Fictitious Business Name in violation of the rights of another under Federal, State, or common law (See section 14411 et.seq. Business and Professions Code)Publish: Mountain Views News
Dates Pub: Dec. 22, 29, 2012, Jan. 05, 12, 2013
FICTITIOUS BUSINESS NAME STATEMENT
File No. 2012-248897
The following person(s) is (are) doing business as: P&D, 7602 HELLMAN AVE., ROSEMEAD, CA 91770. Full name of registrant(s) is (are) PHUOC DO, 7602 HELLMAN AVE., ROSEMEAD, CA 91770. This Business is conducted by: AN INDIVIDUAL. Signed: PHUOC DO. This statement was filed with the County Clerk of Los Angeles County on 12/14/12. The registrant(s) has (have) commenced to transact business under the fictitious business name or names listed above on N/A. NOTICE: This Fictitious Name Statement expires five years from the date it was filed in the office of the County Clerk. A new Fictitious Business Name Statement must be filed prior to that date. The filing of this statement does not of itself authorize the use in this state of a Fictitious Business Name in violation of the rights of another under Federal, State, or common law (See section 14411 et.seq. Business and Professions Code)Publish: Mountain Views News
Dates Pub: Dec. 22, 29, 2012, Jan. 05, 12, 2013
FICTITIOUS BUSINESS NAME STATEMENT
File No. 2012-250656
The following person(s) is (are) doing business as: RADOR TURKEY, 4235 E. GAGE AVE., BELL, CA 90201. Full name of registrant(s) is (are) MOHAMED ALI SALAME, 4235 E. GAGE AVE., BELL, CA 90201. This Business is conducted by: AN INDIVIDUAL. Signed: MOHAMED ALI SALAME. This statement was filed with the County Clerk of Los Angeles County on 12/18/12. The registrant(s) has (have) commenced to transact business under the fictitious business name or names listed above on N/A. NOTICE: This Fictitious Name Statement expires five years from the date it was filed in the office of the County Clerk. A new Fictitious Business Name Statement must be filed prior to that date. The filing of this statement does not of itself authorize the use in this state of a Fictitious Business Name in violation of the rights of another under Federal, State, or common law (See section 14411 et.seq. Business and Professions Code)Publish: Mountain Views News
Dates Pub: Dec. 22, 29, 2012, Jan. 05, 12, 2013
FICTITIOUS BUSINESS NAME STATEMENT
File No. 2012-251966
The following person(s) is (are) doing business as: ROYAL FILMS, 14414 OTTO ST., L.A., CA 90670. Full name of registrant(s) is (are) RICHARD SAENZ, 14414 OTTO ST., L.A., CA 90670. This Business is conducted by: AN INDIVIDUAL. Signed: RICHARD SAENZ. This statement was filed with the County Clerk of Los Angeles County on 12/20/12.
FICTITIOUS BUSINESS NAME STATEMENT
File No. 2012-250485
The following person(s) is (are) doing business as: NUMELLIAS PRESCHOOL, 606 W. 39TH ST., LONG BEACH, CA 90806. Full name of registrant(s) is (are) MARGARITA S. SOLORZANO, 606 W. 39TH ST., LONG BEACH, CA 90806. This Business is conducted by: AN INDIVIDUAL. Signed: MARGARITA S. SOLORZANO. This statement was filed with the County Clerk of Los Angeles County on 12/18/12. The registrant(s) has (have) commenced to transact business under the fictitious business name or names listed above on N/A. NOTICE: This Fictitious Name Statement expires five years from the date it was filed in the office of the County Clerk. A new Fictitious Business Name Statement must be filed prior to that date. The filing of this statement does not of itself authorize the use in this state of a Fictitious Business Name in violation of the rights of another under Federal, State, or common law (See section 14411 et.seq. Business and Professions Code)Publish: Mountain Views News
Dates Pub: Dec. 22, 29, 2012, Jan. 05, 12, 2013
FICTITIOUS BUSINESS NAME STATEMENT
File No. 2012-252597
The following person(s) is (are) doing business as: SOUTH BAY TRANSMISSION, 14809 CRENSHAW BLVD. UNIT C, GARDENA, CA 90249. Full name of registrant(s) is (are) SOUTH BAY TRANSMISSION, INC., 12205 PARK AVE. UNIT 1, HAWTHORNE, CA 90250. This Business is conducted by: A CORPORATION. Signed: DAVID DIAZ. This statement was filed with the County Clerk of Los Angeles County on 12/20/12. The registrant(s) has (have) commenced to transact business under the fictitious business name or names listed above on N/A. NOTICE: This Fictitious Name Statement expires five years from the date it was filed in the office of the County Clerk. A new Fictitious Business Name Statement must be filed prior to that date. The filing of this statement does not of itself authorize the use in this state of a Fictitious Business Name in violation of the rights of another under Federal, State, or common law (See section 14411 et.seq. Business and Professions Code)Publish: Mountain Views News
Dates Pub: Dec. 22, 29, 2012, Jan. 05, 12, 2013
FICTITIOUS BUSINESS NAME STATEMENT
File No. 2012-236417
The following person(s) is (are) doing business as: SOUTHBAY AMBULANCE SERVICE, 113 W. 155TH ST., GARDENA, CA 90248. Full name of registrant(s) is (are) SOUTH BAY CORPORATE GROUP, INC., 113 W. 155TH ST., GARDENA, CA 90248. This Business is conducted by: A CORPORATION. Signed: RODERICK JOHNSON. This statement was filed with the County Clerk of Los Angeles County on 11/28/12. The registrant(s) has (have) commenced to transact business under the fictitious business name or names listed above on 04/30/2012. NOTICE: This Fictitious Name Statement expires five years from the date it was filed in the office of the County Clerk. A new Fictitious Business Name Statement must be filed prior to that date. The filing of this statement does not of itself authorize the use in this state of a Fictitious Business Name in violation of the rights of another under Federal, State, or common law (See section 14411 et.seq. Business and Professions Code)Publish: Mountain Views News
Dates Pub: Dec. 22, 29, 2012, Jan. 05, 12, 2013
FICTITIOUS BUSINESS NAME STATEMENT
File No. 2012-250679
The following person(s) is (are) doing business as: SOUTHERN CALIFORNIA ZHEJIANGNESE ASSOCIATION, 3655 TORRANCE BLVD. STE 410, TORRANCE, CA 90503. Full name of registrant(s) is (are) WEST ELECTRONICS, INC., 3655 TORRANCE BLVD. STE 410, TORRANCE, CA 90503. This Business is conducted by: A CORPORATION. Signed: KEVIN CHEN. This statement was filed with the County Clerk of Los Angeles County on 12/18/12. The registrant(s) has (have) commenced to transact business under the fictitious business name or names listed above on N/A. NOTICE: This Fictitious Name Statement expires five years from the date it was filed in the office of the County Clerk. A new Fictitious Business Name Statement must be filed prior to that date. The filing of this statement does not of itself authorize the use in this state of a Fictitious Business Name in violation of the rights of another under Federal, State, or common law (See section 14411 et.seq. Business and Professions Code)Publish: Mountain Views News
Dates Pub: Dec. 22, 29, 2012, Jan. 05, 12, 2013
FICTITIOUS BUSINESS NAME STATEMENT
File No. 2012-250399
The following person(s) is (are) doing business as: SPEEDIDE.COM, 4300 JOHN FELDS PL., L.A., CA 90065. Full name of registrant(s) is (are) CHARLES WILLIAMS, 4300 JOHN FELDS PL., L.A., CA 90065. This Business is conducted by: AN INDIVIDUAL. Signed: CHARLES WILLIAMS. This statement was filed with the County Clerk of Los Angeles County on 12/18/12. The registrant(s) has (have) commenced to transact business under the fictitious business name or names listed above on 12/18/2012. NOTICE: This Fictitious Name Statement expires five years from the date it was filed in the office of the County Clerk. A new Fictitious Business Name Statement must be filed prior to that date. The filing of this statement does not of itself authorize the use in this state of a Fictitious Business Name in violation of the rights of another under Federal, State, or common law (See section 14411 et.seq. Business and Professions Code)Publish: Mountain Views News
Dates Pub: Dec. 22, 29, 2012, Jan. 05, 12, 2013
FICTITIOUS BUSINESS NAME STATEMENT
File No. 2012-252701
The following person(s) is (are) doing business as: STANDPOINT MOBILE, 13313 CARAVEL ST., CERRITOS, CA 90703. Full name of registrant(s) is (are) RONALD MONIN, 13313 CARAVEL ST., CERRITOS, CA 90703. This Business is conducted by: AN INDIVIDUAL. Signed: RONALD MONIN. This statement was filed with the County Clerk of Los Angeles County on 12/20/12. The registrant(s) has (have) commenced to transact business under the fictitious business name or names listed above on N/A. NOTICE: This Fictitious Name Statement expires five years from the date it was filed in the office of the County Clerk. A new Fictitious Business Name Statement must be filed prior to that date. The filing of this statement does not of itself authorize the use in this state of a Fictitious Business Name in violation of the rights of another under Federal, State, or common law (See section 14411 et.seq. Business and Professions Code)Publish: Mountain Views News
Dates Pub: Dec. 22, 29, 2012, Jan. 05, 12, 2013
FICTITIOUS BUSINESS NAME STATEMENT
File No. 2012-248751
The following person(s) is (are) doing business as: STARTUP, 4401 OCEANVIEW BLVD. #14, MONTROSE, CA 91020. Full name of registrant(s) is (are) ARMINE VEGA, 4445 SYCAMORE VIEW BLVD., MONTROSE, CA 91020. This Business is conducted by: AN INDIVIDUAL. Signed: ARMINE VEGA. This statement was filed with the County Clerk of Los Angeles County on 12/14/12. The registrant(s) has (have) commenced to transact business under the fictitious business name or names listed above on N/A. NOTICE: This Fictitious Name Statement expires five years from the date it was filed in the office of the County Clerk. A new Fictitious Business Name Statement must be filed prior to that date. The filing of this statement does not of itself authorize the use in this state of a Fictitious Business Name in violation of the rights of another under Federal, State, or common law (See section 14411 et.seq. Business and Professions Code)Publish: Mountain Views News
Dates Pub: Dec. 22, 29, 2012, Jan. 05, 12, 2013
FICTITIOUS BUSINESS NAME STATEMENT
File No. 2012-252754
The following person(s) is (are) doing business as: STUDIO PLAY INN, 13117 VENTURA BLVD., STUDIO CITY, CA 91604. Full name of registrant(s) is (are) SAI ABRIT, LLC, 1615 N. WESTERN AVE., HOLLYWOOD, CA 90027. This Business is conducted by: A LIMITED LIABILITY COMPANY. Signed: DAXA PATEL. This statement was filed with the County Clerk of Los Angeles County on 12/20/12. The registrant(s) has (have) not yet commenced to transact business under the fictitious business name or names listed above on N/A. NOTICE: This Fictitious Name Statement expires five years from the date it was filed in the office of the County Clerk. A new Fictitious Business Name Statement must be filed prior to that date. The filing of this statement does not of itself authorize the use in this state of a Fictitious Business Name in violation of the rights of another under Federal, State, or common law (See section 14411 et.seq. Business and Professions Code)Publish: Mountain Views News
Dates Pub: Dec. 22, 29, 2012, Jan. 05, 12, 2013
FICTITIOUS BUSINESS NAME STATEMENT
File No. 2012-248879
The following person(s) is (are) doing business as: TACOS MICHOACAN, 5442 E. MARTIN LUTHER KING JR., LYNWOOD, CA 90262. Full name of registrant(s) is (are) JESUS CASTANEDA, YAZMIN SALAS, 11167 WRIGHT RD. #B, LYNWOOD, CA 90262. This Business is conducted by: HUSBAND and WIFE. Signed: JESUS CASTANEDA. This statement was filed with the County Clerk of Los Angeles County on 12/14/12. The registrant(s) has (have) commenced to transact business under the fictitious business name or names listed above on N/A. NOTICE: This Fictitious Name Statement expires five years from the date it was filed in the office of the County Clerk. A new Fictitious Business Name Statement must be filed prior to that date. The filing of this statement does not of itself authorize the use in this state of a Fictitious Business Name in violation of the rights of another under Federal, State, or common law (See section 14411 et.seq. Business and Professions Code)Publish: Mountain Views News
Dates Pub: Dec. 22, 29, 2012, Jan. 05, 12, 2013
FICTITIOUS BUSINESS NAME STATEMENT
File No. 2012-251864
The following person(s) is (are) doing business as: THE HOT MOPPER, 6329 MAYCREST AVE., L.A., CA 90032. Full name of registrant(s) is (are) ANDREW ALCAZAR, 6329 MAYCREST AVE., L.A., CA 90032. This Business is conducted by: AN INDIVIDUAL. Signed: ANDREW ALCAZAR. This statement was filed with the County Clerk of Los Angeles County on 12/19/12. The registrant(s) has (have) commenced to transact business under the fictitious business name or names listed above on N/A. NOTICE: This Fictitious Name Statement expires five years from the date it was filed in the office of the County Clerk.
Dates Pub: Dec. 22, 29, 2012, Jan. 05, 12, 2013
THE ONLY WAY HANDYMAN, 1144 LOCUST AVE., LONG BEACH, CA 90813. Full name of registrant(s) is (are) JOSE HERNANDEZ, 1144 LOCUST AVE., LONG BEACH, CA 90813. This Business is conducted by: AN INDIVIDUAL. Signed: JOSE HERNANDEZ. This statement was filed with the County Clerk of Los Angeles County on 12/17/12. The registrant(s) has (have) commenced to transact business under the fictitious business name or names listed above on N/A. NOTICE: This Fictitious Name Statement expires five years from the date it was filed in the office of the County Clerk. A new Fictitious Business Name Statement must be filed prior to that date. The filing of this statement does not of itself authorize the use in this state of a Fictitious Business Name in violation of the rights of another under Federal, State, or common law (See section 14411 et.seq. Business and Professions Code)Publish: Mountain Views News
Dates Pub: Dec. 22, 29, 2012, Jan. 05, 12, 2013
FICTITIOUS BUSINESS NAME STATEMENT
File No. 2012-252532
The following person(s) is (are) doing business as: THE STYLE CONTINGENT, 2502 MELROSE AVE. #205, L.A., CA 90046. Full name of registrant(s) is (are) DESIREE ONIVEROS, 11235 ORANGE DR., L.A., CA 90046. This Business is conducted by: A LIMITED LIABILITY COMPANY. Signed: DESIREE ONIVEROS. This statement was filed with the County Clerk of Los Angeles County on 12/20/12. The registrant(s) has (have) commenced to transact business under the fictitious business name or names listed above on N/A. NOTICE: This Fictitious Name Statement expires five years from the date it was filed in the office of the County Clerk. A new Fictitious Business Name Statement must be filed prior to that date. The filing of this statement does not of itself authorize the use in this state of a Fictitious Business Name in violation of the rights of another under Federal, State, or common law (See section 14411 et.seq. Business and Professions Code)Publish: Mountain Views News
Dates Pub: Dec. 22, 29, 2012, Jan. 05, 12, 2013
FICTITIOUS BUSINESS NAME STATEMENT
File No. 2012-249851
The following person(s) is (are) doing business as: TRANS ATLANTIC TRANSPORT, 7941 SAINT LOUIS AVE., LONG BEACH, CA 90804. Full name of registrant(s) is (are) GUADALUPE Z. REYES, 7941 SAINT LOUIS AVE., LONG BEACH, CA 90804. This Business is conducted by: A GENERAL PARTNERSHIP. Signed: GUADALUPE Z. REYES. This statement was filed with the County Clerk of Los Angeles County on 12/17/12. The registrant(s) has (have) commenced to transact business under the fictitious business name or names listed above on N/A. NOTICE: This Fictitious Name Statement expires five years from the date it was filed in the office of the County Clerk. A new Fictitious Business Name Statement must be filed prior to that date. The filing of this statement does not of itself authorize the use in this state of a Fictitious Business Name in violation of the rights of another under Federal, State, or common law (See section 14411 et.seq. Business and Professions Code)Publish: Mountain Views News
Dates Pub: Dec. 22, 29, 2012, Jan. 05, 12, 2013
FICTITIOUS BUSINESS NAME STATEMENT
File No. 2012-249184
The following person(s) is (are) doing business as: VASQUEZ TIRES, 4879 E. OLYMPIC BLVD., L.A., CA 90022. Full name of registrant(s) is (are) LAURA V. VASQUEZ, 12072 HALCOURT AVE., NORWALK, CA 90650. This Business is conducted by: AN INDIVIDUAL. Signed: LAURA V. VASQUEZ. This statement was filed with the County Clerk of Los Angeles County on 12/17/12. The registrant(s) has (have) commenced to transact business under the fictitious business name or names listed above on N/A. NOTICE: This Fictitious Name Statement expires five years from the date it was filed in the office of the County Clerk. A new Fictitious Business Name Statement must be filed prior to that date. The filing of this statement does not of itself authorize the use in this state of a Fictitious Business Name in violation of the rights of another under Federal, State, or common law (See section 14411 et.seq. Business and Professions Code)Publish: Mountain Views News
Dates Pub: Dec. 22, 29, 2012, Jan. 05, 12, 2013
FICTITIOUS BUSINESS NAME STATEMENT
File No. 2012-249882
The following person(s) is (are) doing business as: VIC'S TRUCKING, 9007 MILLER ST., DOWNEY, CA 90241. Full name of registrant(s) is (are) VICTOR MANUEL MEJIA, 9007 MILLER ST., DOWNEY, CA 90241. This Business is conducted by: AN INDIVIDUAL. Signed: VICTOR MANUEL MEJIA. This statement was filed with the County Clerk of Los Angeles County on 12/17/12. The registrant(s) has (have) commenced to transact business under the fictitious business name or names listed above on 12/17/2012. NOTICE: This Fictitious Name Statement expires five years from the date it was filed in the office of the County Clerk. A new Fictitious Business Name Statement must be filed prior to that date. The filing of this statement does not of itself authorize the use in this state of a Fictitious Business Name in violation of the rights of another under Federal, State, or common law (See section 14411 et.seq. Business and Professions Code)Publish: Mountain Views News
Dates Pub: Dec. 22, 29, 2012, Jan. 05, 12, 2013
FICTITIOUS BUSINESS NAME STATEMENT
File No. 2012-249691
The following person(s) is (are) doing business as: XPRESS SUPPLY, 5414 COMPTON AVE., L.A., CA 90011. Full name of registrant(s) is (are) JAIME FLORES SANCHEZ, 3814 KENWOOD ST., INGLEWOOD, CA 90301. This Business is conducted by: AN INDIVIDUAL. Signed: JAIME FLORES SANCHEZ. This statement was filed with the County Clerk of Los Angeles County on 12/17/12. The registrant(s) has (have) commenced to transact business under the fictitious business name or names listed above on N/A. NOTICE: This Fictitious Name Statement expires five years from the date it was filed in the office of the County Clerk. A new Fictitious Business Name Statement must be filed prior to that date. The filing of this statement does not of itself authorize the use in this state of a Fictitious Business Name in violation of the rights of another under Federal, State, or common law (See section 14411 et.seq. Business and Professions Code)Publish: Mountain Views News
Dates Pub: Dec. 22, 29, 2012, Jan. 05, 12, 2013
FILE NO. 2012-249639
STATEMENT OF ABANDONMENT OF USE OF FICTITIOUS BUSINESS NAME
The following person(s) has (have) abandoned the use of the fictitious business name: BEST NAILS, 12126 SANTA MONICA BLVD., L.A., CA 90025. The fictitious business name referred to above was filed on 03/24/2012 in the County of Los Angeles. The original file number of 20120321944. The business was conducted by: AN INDIVIDUAL. Registrant(s) Name: THUY TRAN. This statement was filed with the County Clerk of Los Angeles County on 12/17/2012. I declare that all information in this statement is true and correct. SIGNED: PHUONG THUY TRAN
Dates Pub: Dec. 22, 29, 2012, Jan. 05, 12, 2013
FILE NO. 2012-250510
STATEMENT OF ABANDONMENT OF USE OF FICTITIOUS BUSINESS NAME
The following person(s) has (have) abandoned the use of the fictitious business name: CLASSIC TOUCH BODY & PAINT, 2424 E. ARTESIA BLVD., LONG BEACH, CA 90805. The fictitious business name referred to above was filed on 08/17/2012, in the County of Los Angeles. The original file number of 20120914882. The business was conducted by: AN INDIVIDUAL. Registrant(s) Name: LOUIS M. RAMIREZ. This statement was filed with the County Clerk of Los Angeles County on 12/18/2012. I declare that all information in this statement is true and correct. SIGNED: LOUIS M. RAMIREZ
Dates Pub: Dec. 22, 29, 2012, Jan. 05, 12, 2013
FILE NO. 2012-251436
STATEMENT OF ABANDONMENT OF USE OF FICTITIOUS BUSINESS NAME
The following person(s) has (have) abandoned the use of the fictitious business name: MY LIFE WILL NEVER BE FORGOTTEN, 906 RAMONA ST., LA HABRA, CA 90631. The fictitious business name referred to above was filed on 01/29/2012, in the County of Los Angeles. The original file number of 20122345060. The business was conducted by: AN INDIVIDUAL. Registrant(s) Name: CAROLOS L. CASTILLO. This statement was filed with the County Clerk of Los Angeles County on 12/19/2012. I declare that all information in this statement is true and correct. SIGNED: CAROLOS L. CASTILLO, OWNER
Dates Pub: Dec. 22, 29, 2012, Jan. 05, 12, 2013
FICTITIOUS BUSINESS NAME STATEMENT
File No. 2012-243925
The following person(s) is (are) doing business as: VINCENT FOOD MARKET, 1031 GARVEY AVE., MONTEBELLO, CA 90640. Full name of registrant(s) is (are) LUNG LAU FONG, 3431 W. WINNIE WAY, ARCADIA, CA 91007. This Business is conducted by: AN INDIVIDUAL. Signed: LUNG LAU FONG. This statement was filed with the County Clerk of Los Angeles County on 12/07/12. The registrant(s) has (have) commenced to transact business under the fictitious business name or names listed above on N/A. NOTICE: This Fictitious Name Statement expires five years from the date it was filed in the office of the County Clerk. A new Fictitious Business Name Statement must be filed prior to that date. The filing of this statement does not of itself authorize the use in this state of a Fictitious Business Name in violation of the rights of another under Federal, State, or common law (See section 14411 et.seq. Business and Professions Code)Publish: Mountain Views News
Dates Pub: Dec. 15, 22, 29, 2012, Jan. 05, 2013
Mountain Views News 80 W Sierra Madre Blvd. No. 327 Sierra Madre, Ca. 91024 Office: 626.355.2737 Fax: 626.609.3285
Email: editor@mtnviewsnews.com Website: www.mtnviewsnews.com
